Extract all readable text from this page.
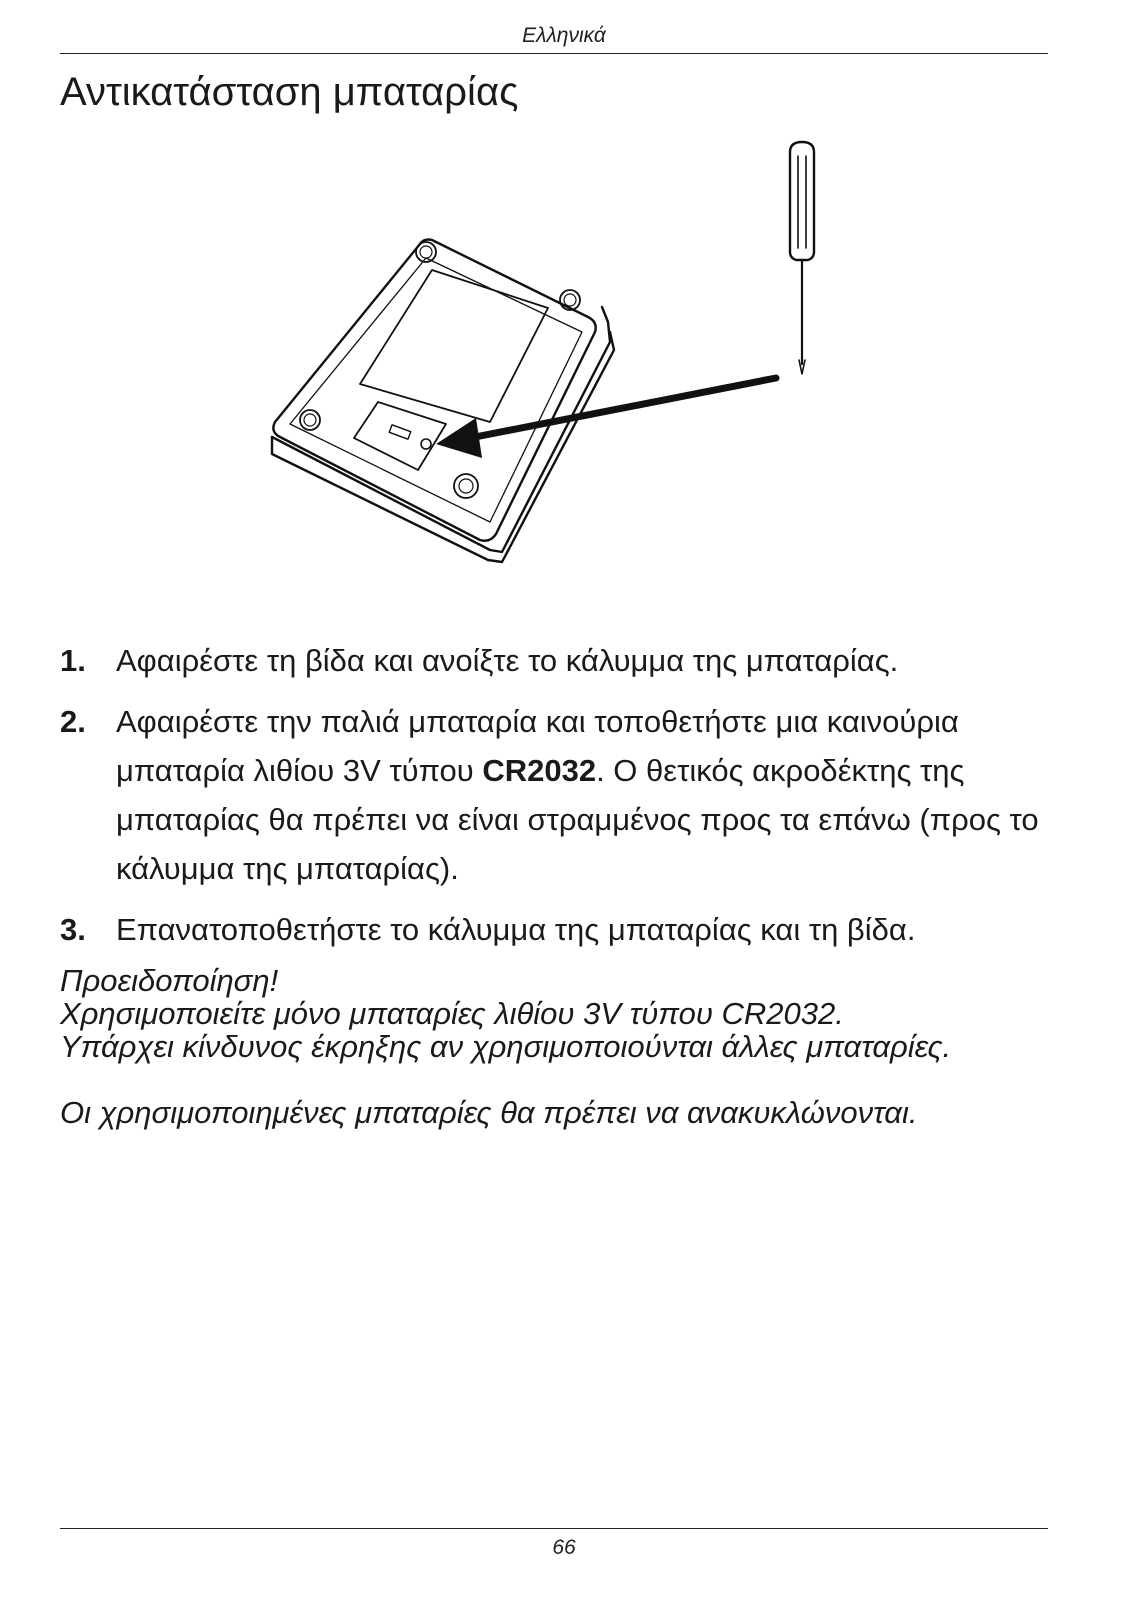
Ελληνικά
Αντικατάσταση μπαταρίας
1. Αφαιρέστε τη βίδα και ανοίξτε το κάλυμμα της μπαταρίας.
2. Αφαιρέστε την παλιά μπαταρία και τοποθετήστε μια καινούρια μπαταρία λιθίου 3V τύπου CR2032. Ο θετικός ακροδέκτης της μπαταρίας θα πρέπει να είναι στραμμένος προς τα επάνω (προς το κάλυμμα της μπαταρίας).
3. Επανατοποθετήστε το κάλυμμα της μπαταρίας και τη βίδα.

Προειδοποίηση!

Χρησιμοποιείτε μόνο μπαταρίες λιθίου 3V τύπου CR2032.

Υπάρχει κίνδυνος έκρηξης αν χρησιμοποιούνται άλλες μπαταρίες.

Οι χρησιμοποιημένες μπαταρίες θα πρέπει να ανακυκλώνονται.

66
